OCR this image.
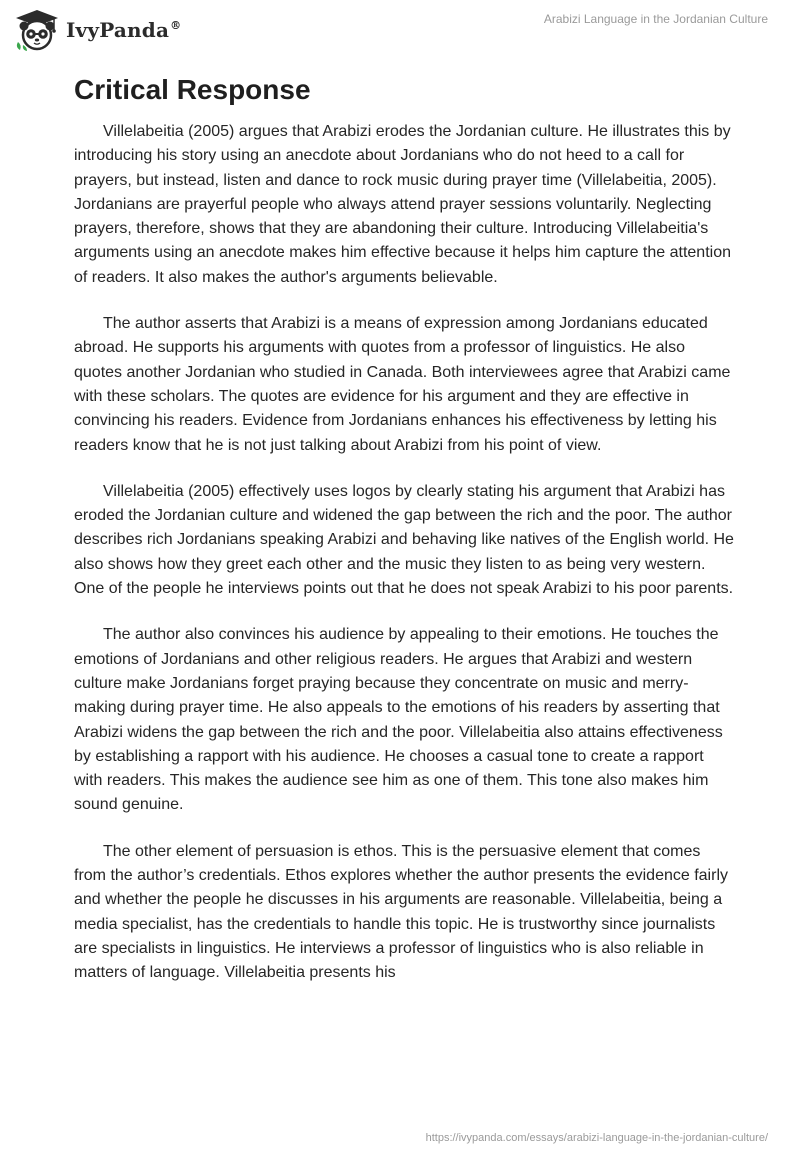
IvyPanda®	Arabizi Language in the Jordanian Culture
Critical Response

Villelabeitia (2005) argues that Arabizi erodes the Jordanian culture. He illustrates this by introducing his story using an anecdote about Jordanians who do not heed to a call for prayers, but instead, listen and dance to rock music during prayer time (Villelabeitia, 2005). Jordanians are prayerful people who always attend prayer sessions voluntarily. Neglecting prayers, therefore, shows that they are abandoning their culture. Introducing Villelabeitia's arguments using an anecdote makes him effective because it helps him capture the attention of readers. It also makes the author's arguments believable.

The author asserts that Arabizi is a means of expression among Jordanians educated abroad. He supports his arguments with quotes from a professor of linguistics. He also quotes another Jordanian who studied in Canada. Both interviewees agree that Arabizi came with these scholars. The quotes are evidence for his argument and they are effective in convincing his readers. Evidence from Jordanians enhances his effectiveness by letting his readers know that he is not just talking about Arabizi from his point of view.

Villelabeitia (2005) effectively uses logos by clearly stating his argument that Arabizi has eroded the Jordanian culture and widened the gap between the rich and the poor. The author describes rich Jordanians speaking Arabizi and behaving like natives of the English world. He also shows how they greet each other and the music they listen to as being very western. One of the people he interviews points out that he does not speak Arabizi to his poor parents.

The author also convinces his audience by appealing to their emotions. He touches the emotions of Jordanians and other religious readers. He argues that Arabizi and western culture make Jordanians forget praying because they concentrate on music and merry-making during prayer time. He also appeals to the emotions of his readers by asserting that Arabizi widens the gap between the rich and the poor. Villelabeitia also attains effectiveness by establishing a rapport with his audience. He chooses a casual tone to create a rapport with readers. This makes the audience see him as one of them. This tone also makes him sound genuine.

The other element of persuasion is ethos. This is the persuasive element that comes from the author’s credentials. Ethos explores whether the author presents the evidence fairly and whether the people he discusses in his arguments are reasonable. Villelabeitia, being a media specialist, has the credentials to handle this topic. He is trustworthy since journalists are specialists in linguistics. He interviews a professor of linguistics who is also reliable in matters of language. Villelabeitia presents his

https://ivypanda.com/essays/arabizi-language-in-the-jordanian-culture/
